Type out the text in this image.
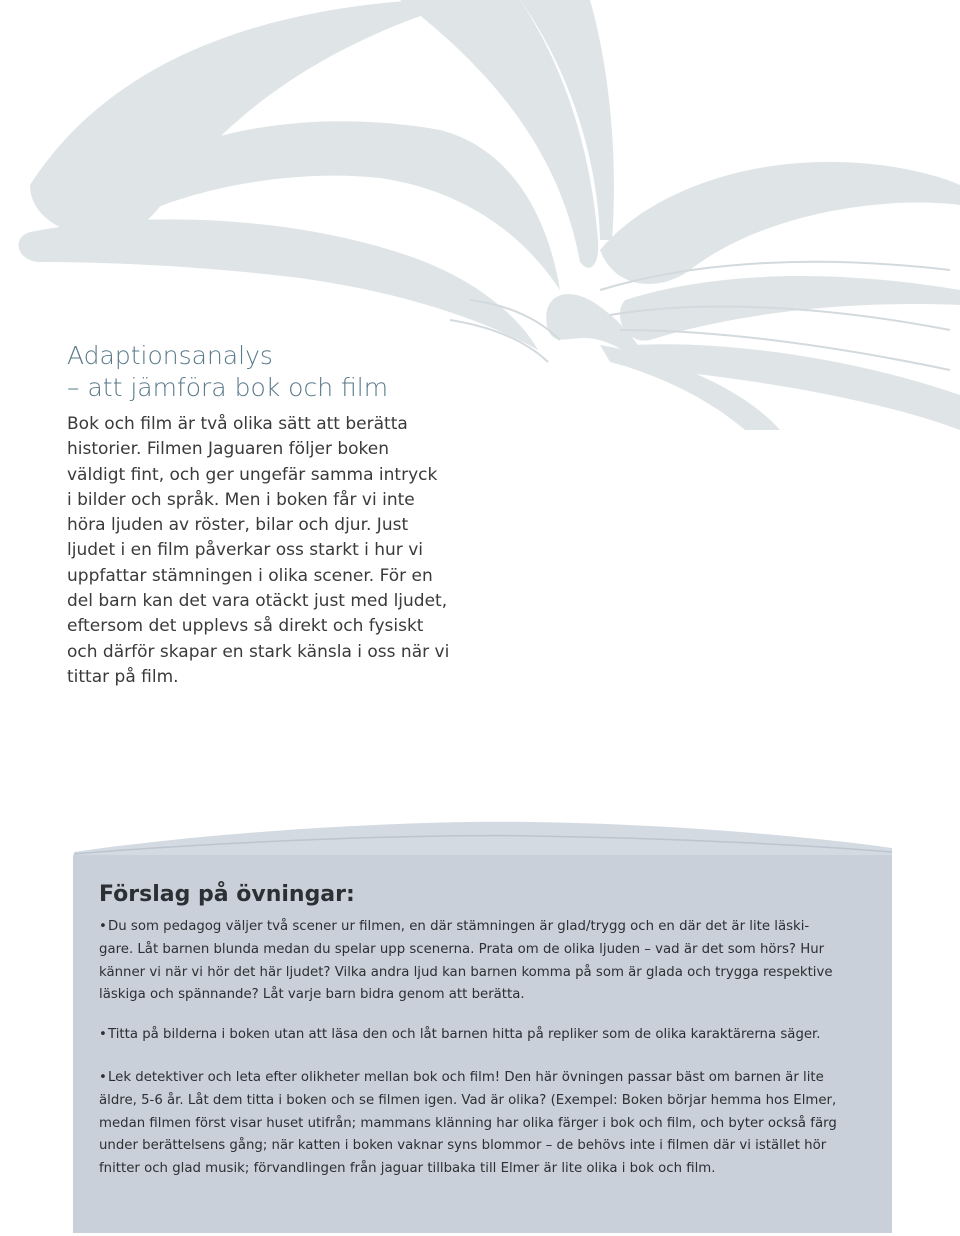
Adaptionsanalys
– att jämföra bok och film
Bok och film är två olika sätt att berätta
historier. Filmen Jaguaren följer boken
väldigt fint, och ger ungefär samma intryck
i bilder och språk. Men i boken får vi inte
höra ljuden av röster, bilar och djur. Just
ljudet i en film påverkar oss starkt i hur vi
uppfattar stämningen i olika scener. För en
del barn kan det vara otäckt just med ljudet,
eftersom det upplevs så direkt och fysiskt
och därför skapar en stark känsla i oss när vi
tittar på film.
Förslag på övningar:
•Du som pedagog väljer två scener ur filmen, en där stämningen är glad/trygg och en där det är lite läski-
gare. Låt barnen blunda medan du spelar upp scenerna. Prata om de olika ljuden – vad är det som hörs? Hur
känner vi när vi hör det här ljudet? Vilka andra ljud kan barnen komma på som är glada och trygga respektive
läskiga och spännande? Låt varje barn bidra genom att berätta.
•Titta på bilderna i boken utan att läsa den och låt barnen hitta på repliker som de olika karaktärerna säger.
•Lek detektiver och leta efter olikheter mellan bok och film! Den här övningen passar bäst om barnen är lite
äldre, 5-6 år. Låt dem titta i boken och se filmen igen. Vad är olika? (Exempel: Boken börjar hemma hos Elmer,
medan filmen först visar huset utifrån; mammans klänning har olika färger i bok och film, och byter också färg
under berättelsens gång; när katten i boken vaknar syns blommor – de behövs inte i filmen där vi istället hör
fnitter och glad musik; förvandlingen från jaguar tillbaka till Elmer är lite olika i bok och film.
